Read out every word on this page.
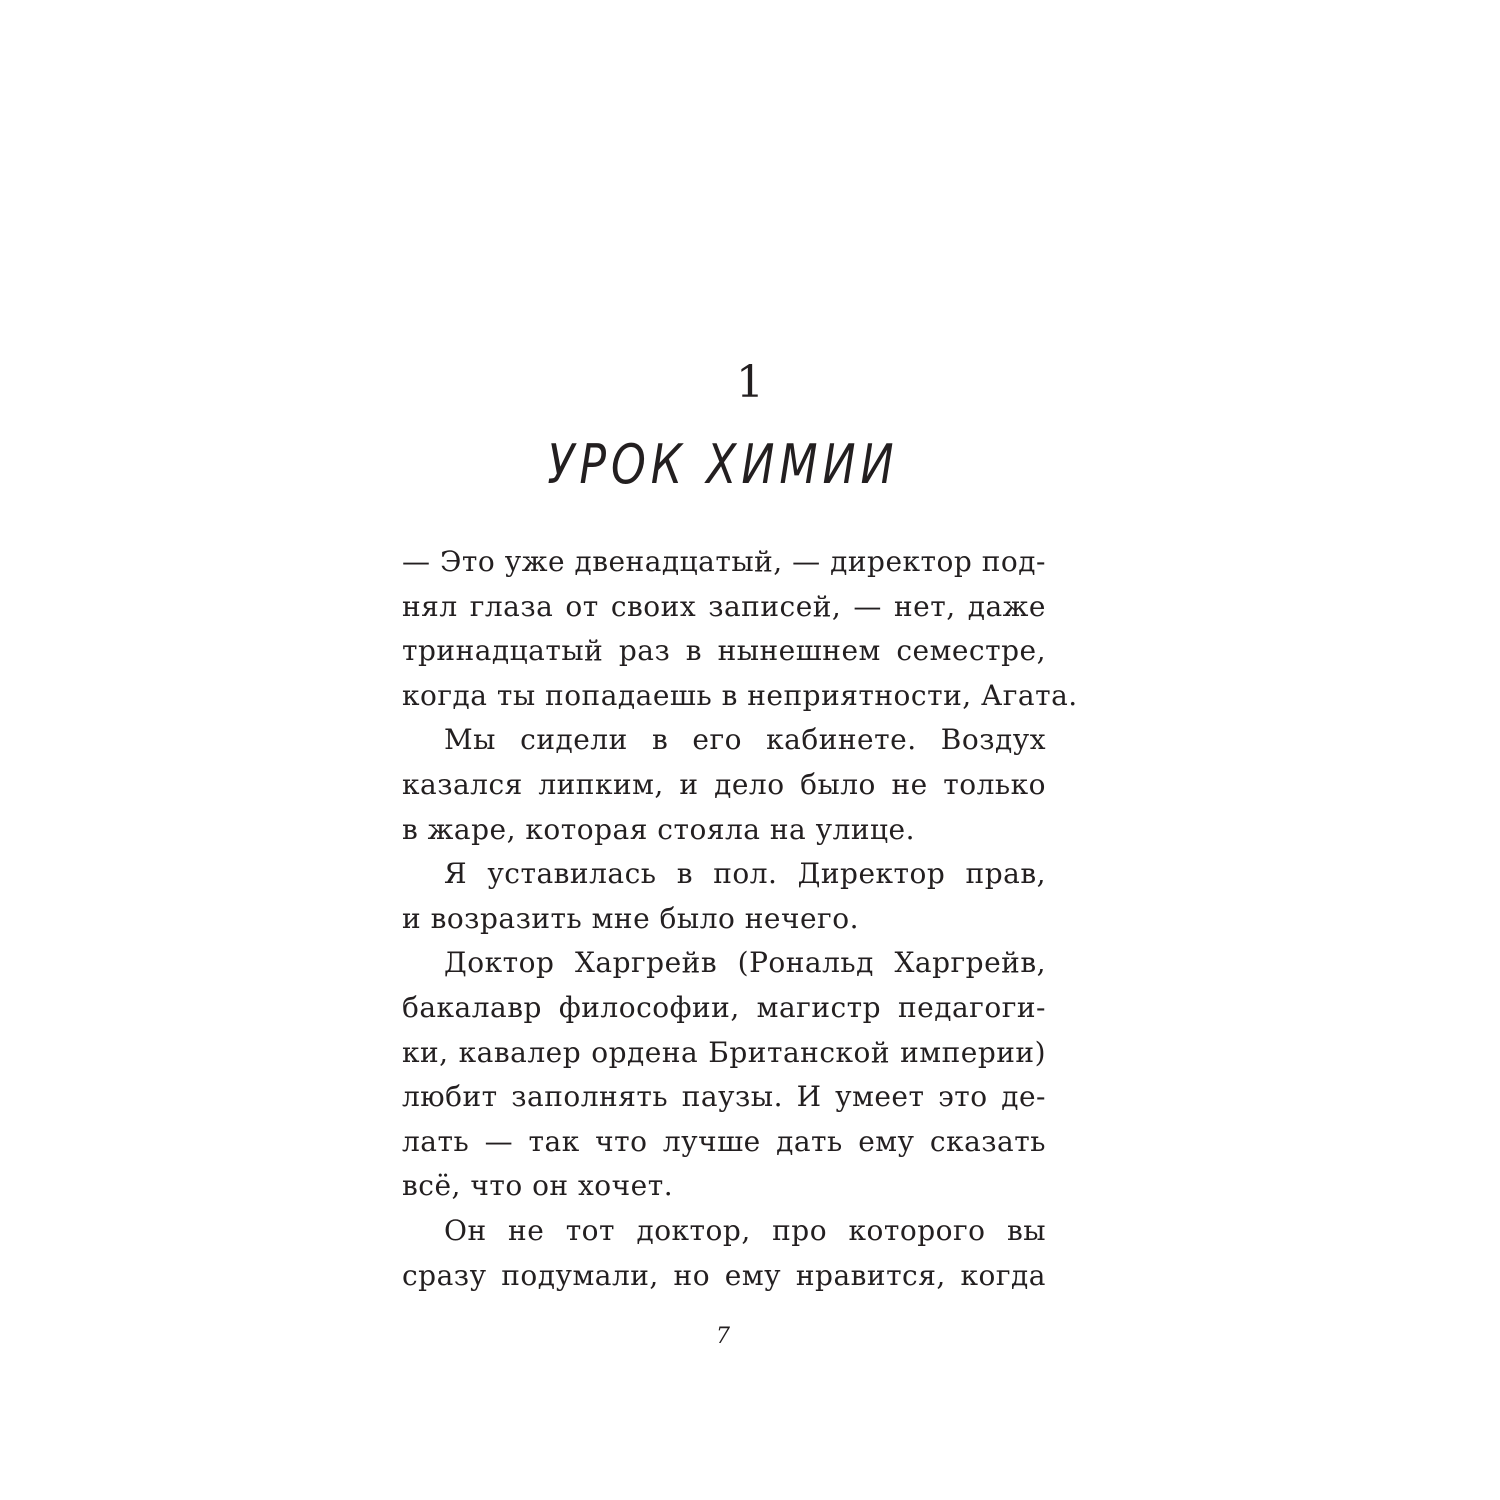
1
УРОК ХИМИИ

— Это уже двенадцатый, — директор под-
нял глаза от своих записей, — нет, даже
тринадцатый раз в нынешнем семестре,
когда ты попадаешь в неприятности, Агата.

Мы сидели в его кабинете. Воздух
казался липким, и дело было не только
в жаре, которая стояла на улице.

Я уставилась в пол. Директор прав,
и возразить мне было нечего.

Доктор Харгрейв (Рональд Харгрейв,
бакалавр философии, магистр педагоги-
ки, кавалер ордена Британской империи)
любит заполнять паузы. И умеет это де-
лать — так что лучше дать ему сказать
всё, что он хочет.

Он не тот доктор, про которого вы
сразу подумали, но ему нравится, когда

7
